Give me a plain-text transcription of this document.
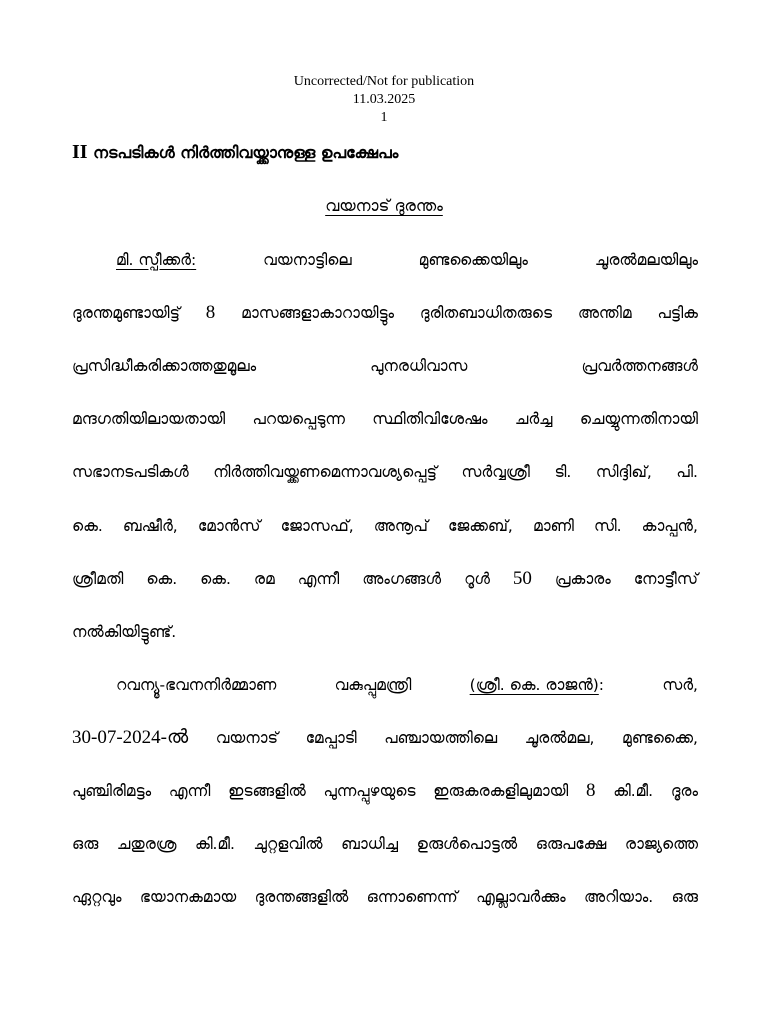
Uncorrected/Not for publication
11.03.2025
1
II നടപടികൾ നിർത്തിവയ്ക്കാനുള്ള ഉപക്ഷേപം
വയനാട് ദുരന്തം
മി. സ്പീക്കർ:	വയനാട്ടിലെ	മുണ്ടക്കൈയിലും	ചൂരൽമലയിലും
ദുരന്തമുണ്ടായിട്ട് 8 മാസങ്ങളാകാറായിട്ടും ദുരിതബാധിതരുടെ അന്തിമ പട്ടിക
പ്രസിദ്ധീകരിക്കാത്തതുമൂലം	പുനരധിവാസ	പ്രവർത്തനങ്ങൾ
മന്ദഗതിയിലായതായി പറയപ്പെടുന്ന സ്ഥിതിവിശേഷം ചർച്ച ചെയ്യുന്നതിനായി
സഭാനടപടികൾ നിർത്തിവയ്ക്കണമെന്നാവശ്യപ്പെട്ട് സർവ്വശ്രീ ടി. സിദ്ദിഖ്, പി.
കെ. ബഷീർ, മോൻസ് ജോസഫ്, അനൂപ് ജേക്കബ്, മാണി സി. കാപ്പൻ,
ശ്രീമതി കെ. കെ. രമ എന്നീ അംഗങ്ങൾ റൂൾ 50 പ്രകാരം നോട്ടീസ്
നൽകിയിട്ടുണ്ട്.
റവന്യൂ-ഭവനനിർമ്മാണ	വകുപ്പുമന്ത്രി	(ശ്രീ. കെ. രാജൻ):	സർ,
30-07-2024-ൽ വയനാട് മേപ്പാടി പഞ്ചായത്തിലെ ചൂരൽമല, മുണ്ടക്കൈ,
പുഞ്ചിരിമട്ടം എന്നീ ഇടങ്ങളിൽ പുന്നപ്പുഴയുടെ ഇരുകരകളിലുമായി 8 കി.മീ. ദൂരം
ഒരു ചതുരശ്ര കി.മീ. ചുറ്റളവിൽ ബാധിച്ച ഉരുൾപൊട്ടൽ ഒരുപക്ഷേ രാജ്യത്തെ
ഏറ്റവും ഭയാനകമായ ദുരന്തങ്ങളിൽ ഒന്നാണെന്ന് എല്ലാവർക്കും അറിയാം. ഒരു
